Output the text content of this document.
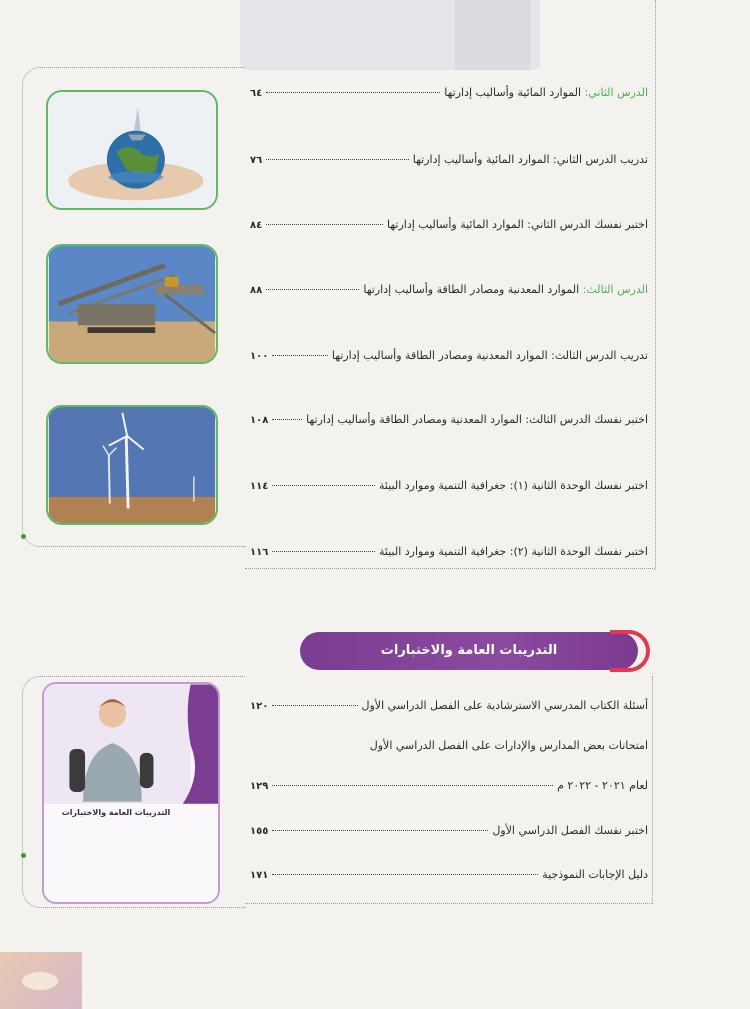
الدرس الثاني: الموارد المائية وأساليب إدارتها
٦٤
تدريب الدرس الثاني: الموارد المائية وأساليب إدارتها
٧٦
اختبر نفسك الدرس الثاني: الموارد المائية وأساليب إدارتها
٨٤
الدرس الثالث: الموارد المعدنية ومصادر الطاقة وأساليب إدارتها
٨٨
تدريب الدرس الثالث: الموارد المعدنية ومصادر الطاقة وأساليب إدارتها
١٠٠
اختبر نفسك الدرس الثالث: الموارد المعدنية ومصادر الطاقة وأساليب إدارتها
١٠٨
اختبر نفسك الوحدة الثانية (١): جغرافية التنمية وموارد البيئة
١١٤
اختبر نفسك الوحدة الثانية (٢): جغرافية التنمية وموارد البيئة
١١٦
التدريبات العامة والاختبارات
التدريبات العامة والاختبارات
أسئلة الكتاب المدرسي الاسترشادية على الفصل الدراسي الأول
١٢٠
امتحانات بعض المدارس والإدارات على الفصل الدراسي الأول
لعام ٢٠٢١ - ٢٠٢٢ م
١٢٩
اختبر نفسك الفصل الدراسي الأول
١٥٥
دليل الإجابات النموذجية
١٧١
